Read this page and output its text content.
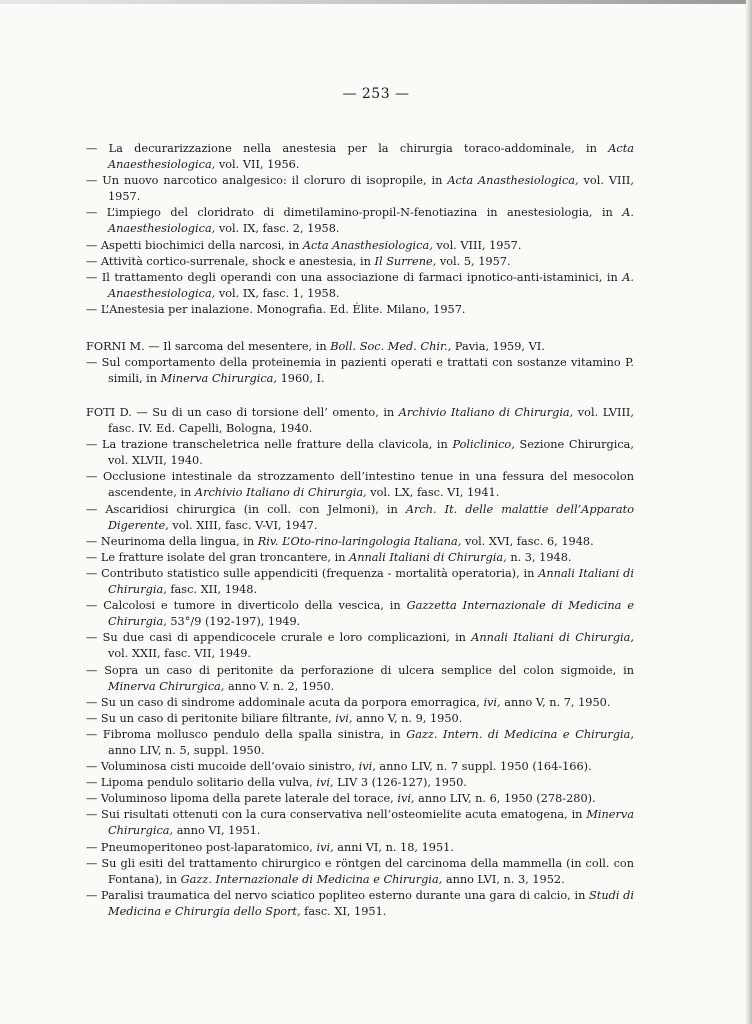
— 253 —
— La decurarizzazione nella anestesia per la chirurgia toraco-addominale, in Acta Anaesthesiologica, vol. VII, 1956.
— Un nuovo narcotico analgesico: il cloruro di isopropile, in Acta Anasthesiologica, vol. VIII, 1957.
— L’impiego del cloridrato di dimetilamino-propil-N-fenotiazina in anestesiologia, in A. Anaesthesiologica, vol. IX, fasc. 2, 1958.
— Aspetti biochimici della narcosi, in Acta Anasthesiologica, vol. VIII, 1957.
— Attività cortico-surrenale, shock e anestesia, in Il Surrene, vol. 5, 1957.
— Il trattamento degli operandi con una associazione di farmaci ipnotico-anti-istaminici, in A. Anaesthesiologica, vol. IX, fasc. 1, 1958.
— L’Anestesia per inalazione. Monografia. Ed. Élite. Milano, 1957.
FORNI M. — Il sarcoma del mesentere, in Boll. Soc. Med. Chir., Pavia, 1959, VI.
— Sul comportamento della proteinemia in pazienti operati e trattati con sostanze vitamino P. simili, in Minerva Chirurgica, 1960, I.
FOTI D. — Su di un caso di torsione dell’ omento, in Archivio Italiano di Chirurgia, vol. LVIII, fasc. IV. Ed. Capelli, Bologna, 1940.
— La trazione transcheletrica nelle fratture della clavicola, in Policlinico, Sezione Chirurgica, vol. XLVII, 1940.
— Occlusione intestinale da strozzamento dell’intestino tenue in una fessura del mesocolon ascendente, in Archivio Italiano di Chirurgia, vol. LX, fasc. VI, 1941.
— Ascaridiosi chirurgica (in coll. con Jelmoni), in Arch. It. delle malattie dell’Apparato Digerente, vol. XIII, fasc. V-VI, 1947.
— Neurinoma della lingua, in Riv. L’Oto-rino-laringologia Italiana, vol. XVI, fasc. 6, 1948.
— Le fratture isolate del gran troncantere, in Annali Italiani di Chirurgia, n. 3, 1948.
— Contributo statistico sulle appendiciti (frequenza - mortalità operatoria), in Annali Italiani di Chirurgia, fasc. XII, 1948.
— Calcolosi e tumore in diverticolo della vescica, in Gazzetta Internazionale di Medicina e Chirurgia, 53°/9 (192-197), 1949.
— Su due casi di appendicocele crurale e loro complicazioni, in Annali Italiani di Chirurgia, vol. XXII, fasc. VII, 1949.
— Sopra un caso di peritonite da perforazione di ulcera semplice del colon sigmoide, in Minerva Chirurgica, anno V. n. 2, 1950.
— Su un caso di sindrome addominale acuta da porpora emorragica, ivi, anno V, n. 7, 1950.
— Su un caso di peritonite biliare filtrante, ivi, anno V, n. 9, 1950.
— Fibroma mollusco pendulo della spalla sinistra, in Gazz. Intern. di Medicina e Chirurgia, anno LIV, n. 5, suppl. 1950.
— Voluminosa cisti mucoide dell’ovaio sinistro, ivi, anno LIV, n. 7 suppl. 1950 (164-166).
— Lipoma pendulo solitario della vulva, ivi, LIV 3 (126-127), 1950.
— Voluminoso lipoma della parete laterale del torace, ivi, anno LIV, n. 6, 1950 (278-280).
— Sui risultati ottenuti con la cura conservativa nell’osteomielite acuta ematogena, in Minerva Chirurgica, anno VI, 1951.
— Pneumoperitoneo post-laparatomico, ivi, anni VI, n. 18, 1951.
— Su gli esiti del trattamento chirurgico e röntgen del carcinoma della mammella (in coll. con Fontana), in Gazz. Internazionale di Medicina e Chirurgia, anno LVI, n. 3, 1952.
— Paralisi traumatica del nervo sciatico popliteo esterno durante una gara di calcio, in Studi di Medicina e Chirurgia dello Sport, fasc. XI, 1951.
